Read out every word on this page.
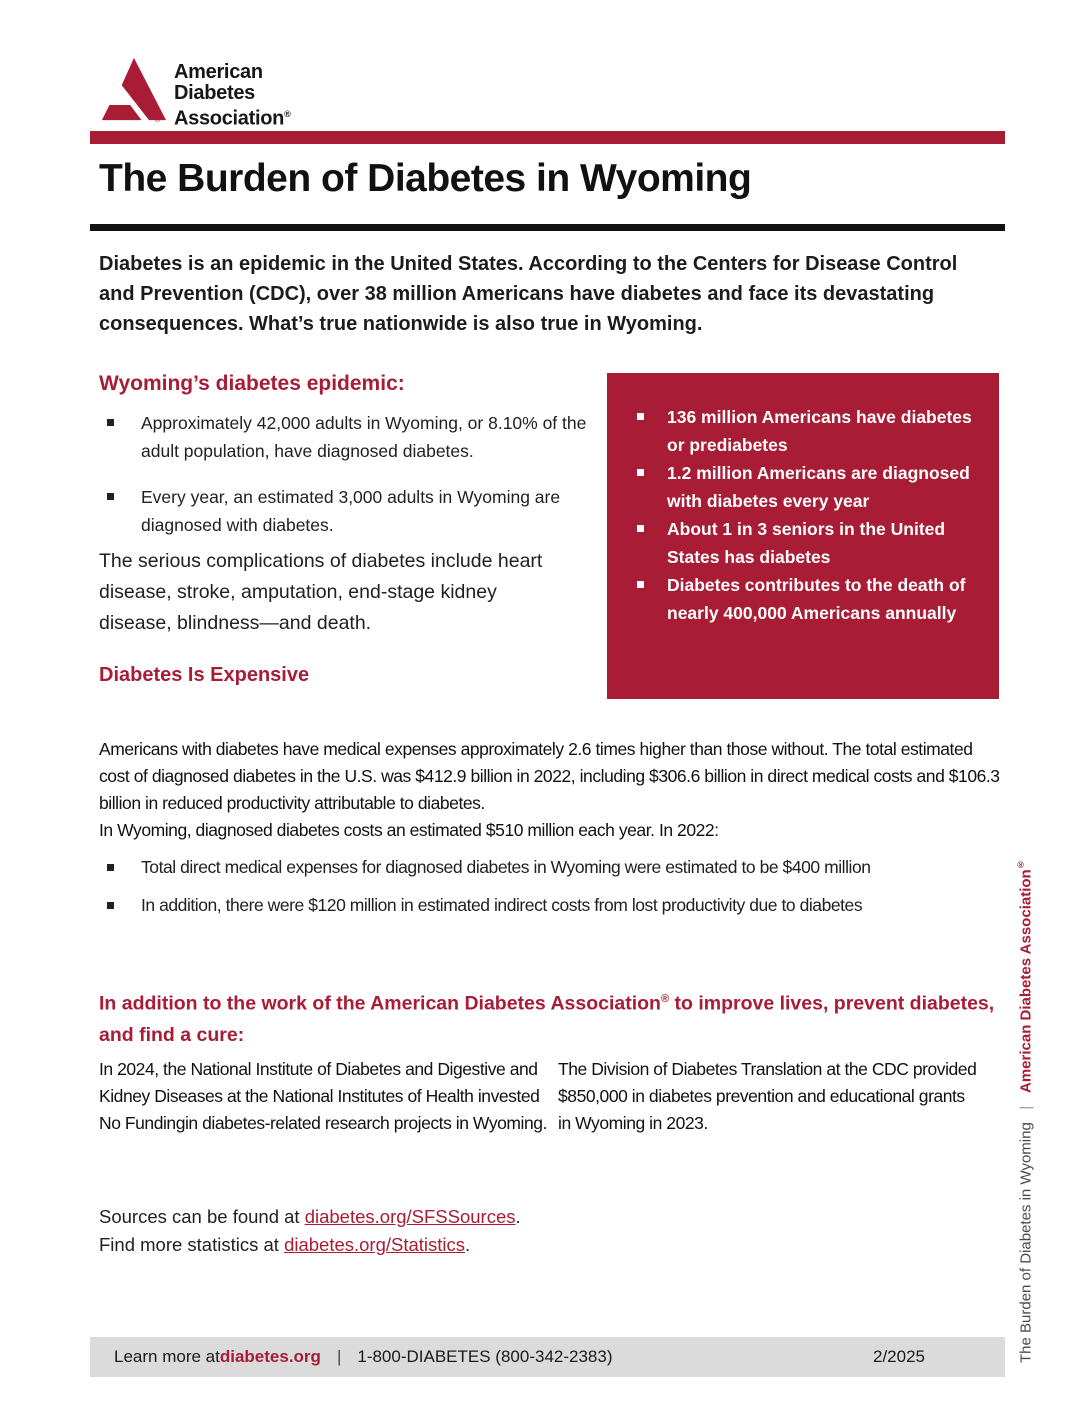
®
American
Diabetes
Association®
The Burden of Diabetes in Wyoming

Diabetes is an epidemic in the United States. According to the Centers for Disease Control and Prevention (CDC), over 38 million Americans have diabetes and face its devastating consequences. What’s true nationwide is also true in Wyoming.

Wyoming’s diabetes epidemic:
Approximately 42,000 adults in Wyoming, or 8.10% of the adult population, have diagnosed diabetes.
Every year, an estimated 3,000 adults in Wyoming are diagnosed with diabetes.

The serious complications of diabetes include heart disease, stroke, amputation, end-stage kidney disease, blindness—and death.

Diabetes Is Expensive
136 million Americans have diabetes or prediabetes
1.2 million Americans are diagnosed with diabetes every year
About 1 in 3 seniors in the United States has diabetes
Diabetes contributes to the death of nearly 400,000 Americans annually

Americans with diabetes have medical expenses approximately 2.6 times higher than those without. The total estimated cost of diagnosed diabetes in the U.S. was $412.9 billion in 2022, including $306.6 billion in direct medical costs and $106.3 billion in reduced productivity attributable to diabetes.

In Wyoming, diagnosed diabetes costs an estimated $510 million each year. In 2022:

Total direct medical expenses for diagnosed diabetes in Wyoming were estimated to be $400 million
In addition, there were $120 million in estimated indirect costs from lost productivity due to diabetes
In addition to the work of the American Diabetes Association® to improve lives, prevent diabetes, and find a cure:

In 2024, the National Institute of Diabetes and Digestive and Kidney Diseases at the National Institutes of Health invested No Fundingin diabetes-related research projects in Wyoming.

The Division of Diabetes Translation at the CDC provided $850,000 in diabetes prevention and educational grants in Wyoming in 2023.

Sources can be found at diabetes.org/SFSSources.
Find more statistics at diabetes.org/Statistics.
Learn more at diabetes.org | 1-800-DIABETES (800-342-2383)	2/2025	The Burden of Diabetes in Wyoming   |   American Diabetes Association®
